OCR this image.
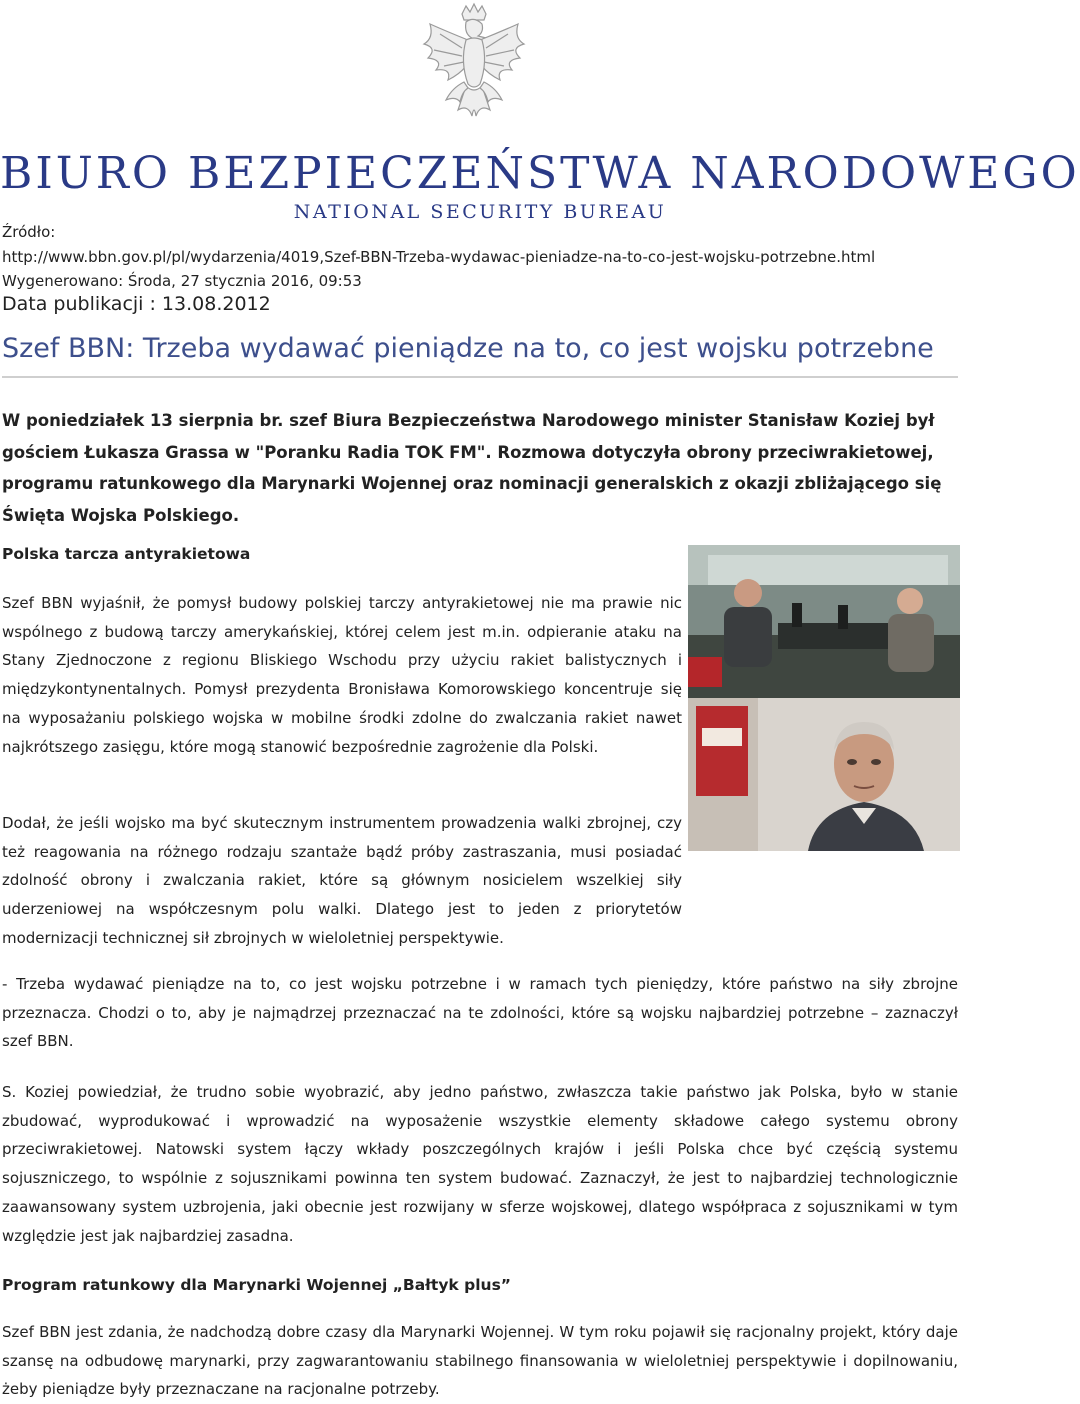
BIURO BEZPIECZEŃSTWA NARODOWEGO
NATIONAL SECURITY BUREAU
Źródło:
http://www.bbn.gov.pl/pl/wydarzenia/4019,Szef-BBN-Trzeba-wydawac-pieniadze-na-to-co-jest-wojsku-potrzebne.html
Wygenerowano: Środa, 27 stycznia 2016, 09:53
Data publikacji : 13.08.2012
Szef BBN: Trzeba wydawać pieniądze na to, co jest wojsku potrzebne

W poniedziałek 13 sierpnia br. szef Biura Bezpieczeństwa Narodowego minister Stanisław Koziej był gościem Łukasza Grassa w "Poranku Radia TOK FM". Rozmowa dotyczyła obrony przeciwrakietowej, programu ratunkowego dla Marynarki Wojennej oraz nominacji generalskich z okazji zbliżającego się Święta Wojska Polskiego.

Polska tarcza antyrakietowa

Szef BBN wyjaśnił, że pomysł budowy polskiej tarczy antyrakietowej nie ma prawie nic wspólnego z budową tarczy amerykańskiej, której celem jest m.in. odpieranie ataku na Stany Zjednoczone z regionu Bliskiego Wschodu przy użyciu rakiet balistycznych i międzykontynentalnych. Pomysł prezydenta Bronisława Komorowskiego koncentruje się na wyposażaniu polskiego wojska w mobilne środki zdolne do zwalczania rakiet nawet najkrótszego zasięgu, które mogą stanowić bezpośrednie zagrożenie dla Polski.

Dodał, że jeśli wojsko ma być skutecznym instrumentem prowadzenia walki zbrojnej, czy też reagowania na różnego rodzaju szantaże bądź próby zastraszania, musi posiadać zdolność obrony i zwalczania rakiet, które są głównym nosicielem wszelkiej siły uderzeniowej na współczesnym polu walki. Dlatego jest to jeden z priorytetów modernizacji technicznej sił zbrojnych w wieloletniej perspektywie.

- Trzeba wydawać pieniądze na to, co jest wojsku potrzebne i w ramach tych pieniędzy, które państwo na siły zbrojne przeznacza. Chodzi o to, aby je najmądrzej przeznaczać na te zdolności, które są wojsku najbardziej potrzebne – zaznaczył szef BBN.

S. Koziej powiedział, że trudno sobie wyobrazić, aby jedno państwo, zwłaszcza takie państwo jak Polska, było w stanie zbudować, wyprodukować i wprowadzić na wyposażenie wszystkie elementy składowe całego systemu obrony przeciwrakietowej. Natowski system łączy wkłady poszczególnych krajów i jeśli Polska chce być częścią systemu sojuszniczego, to wspólnie z sojusznikami powinna ten system budować. Zaznaczył, że jest to najbardziej technologicznie zaawansowany system uzbrojenia, jaki obecnie jest rozwijany w sferze wojskowej, dlatego współpraca z sojusznikami w tym względzie jest jak najbardziej zasadna.

Program ratunkowy dla Marynarki Wojennej „Bałtyk plus”

Szef BBN jest zdania, że nadchodzą dobre czasy dla Marynarki Wojennej. W tym roku pojawił się racjonalny projekt, który daje szansę na odbudowę marynarki, przy zagwarantowaniu stabilnego finansowania w wieloletniej perspektywie i dopilnowaniu, żeby pieniądze były przeznaczane na racjonalne potrzeby.
